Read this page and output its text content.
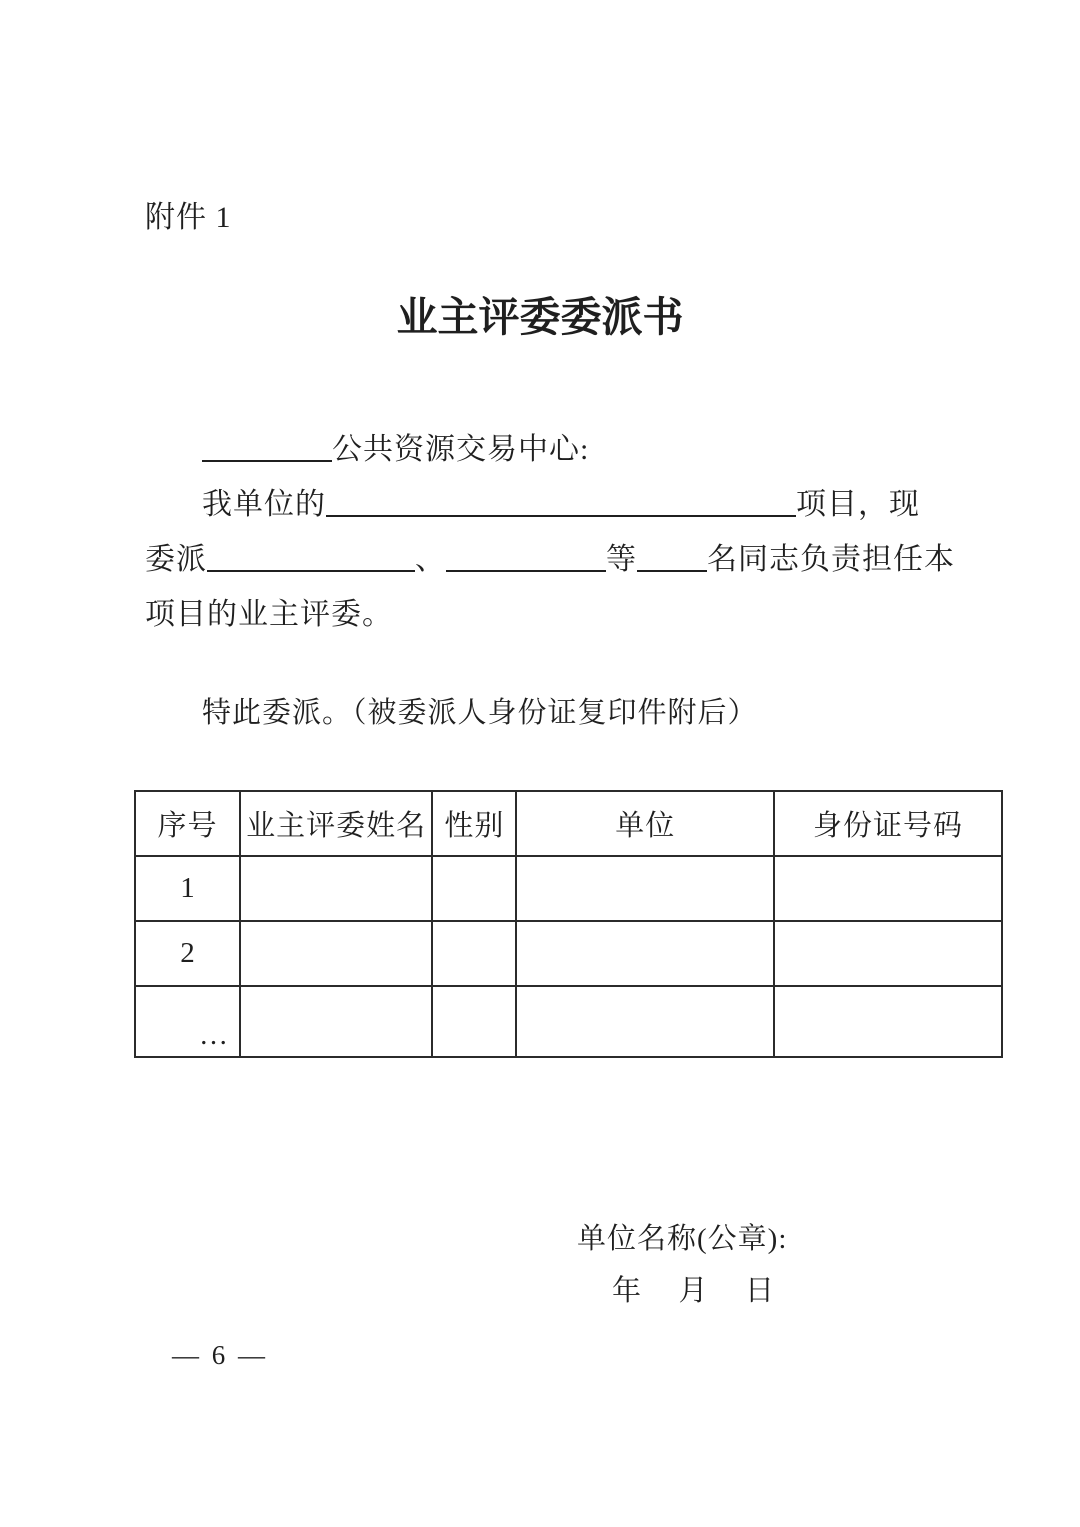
附件 1
业主评委委派书
公共资源交易中心:
我单位的	项目，现
委派	、	等 名同志负责担任本
项目的业主评委。
特此委派。（被委派人身份证复印件附后）
序号	业主评委姓名	性别	单位	身份证号码
1				
2				
…				
单位名称(公章):
年 月 日
— 6 —
